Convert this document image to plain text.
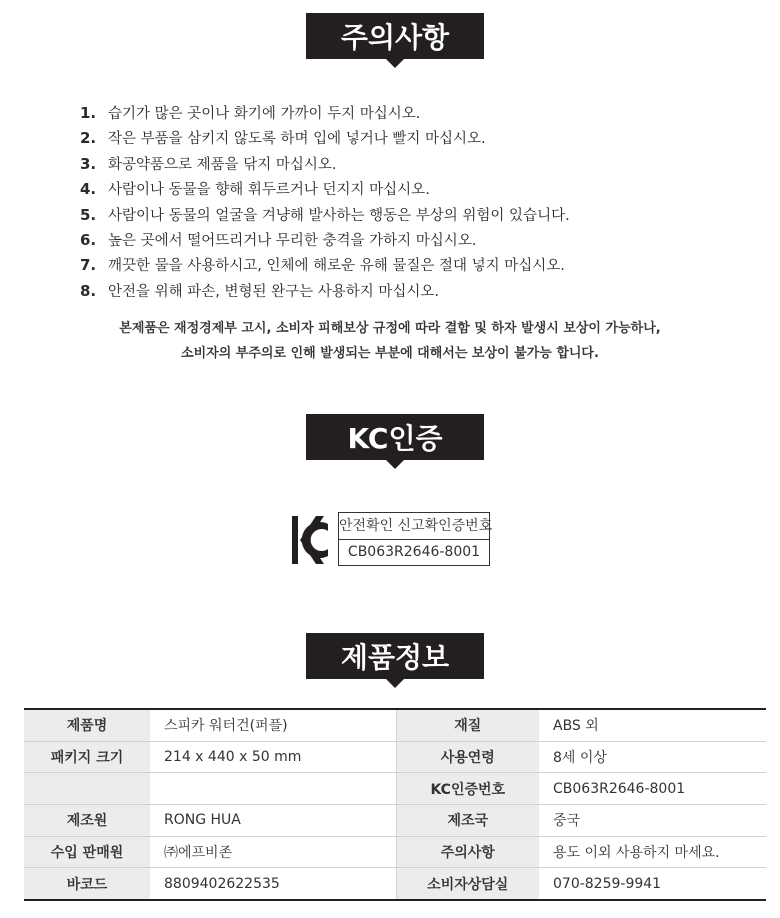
주의사항
1. 습기가 많은 곳이나 화기에 가까이 두지 마십시오.
2. 작은 부품을 삼키지 않도록 하며 입에 넣거나 빨지 마십시오.
3. 화공약품으로 제품을 닦지 마십시오.
4. 사람이나 동물을 향해 휘두르거나 던지지 마십시오.
5. 사람이나 동물의 얼굴을 겨냥해 발사하는 행동은 부상의 위험이 있습니다.
6. 높은 곳에서 떨어뜨리거나 무리한 충격을 가하지 마십시오.
7. 깨끗한 물을 사용하시고, 인체에 해로운 유해 물질은 절대 넣지 마십시오.
8. 안전을 위해 파손, 변형된 완구는 사용하지 마십시오.
본제품은 재정경제부 고시, 소비자 피해보상 규정에 따라 결함 및 하자 발생시 보상이 가능하나,
소비자의 부주의로 인해 발생되는 부분에 대해서는 보상이 불가능 합니다.
KC인증
안전확인 신고확인증번호
CB063R2646-8001
제품정보
제품명	스피카 워터건(퍼플)	재질	ABS 외
패키지 크기	214 x 440 x 50 mm	사용연령	8세 이상
		KC인증번호	CB063R2646-8001
제조원	RONG HUA	제조국	중국
수입 판매원	㈜에프비존	주의사항	용도 이외 사용하지 마세요.
바코드	8809402622535	소비자상담실	070-8259-9941
